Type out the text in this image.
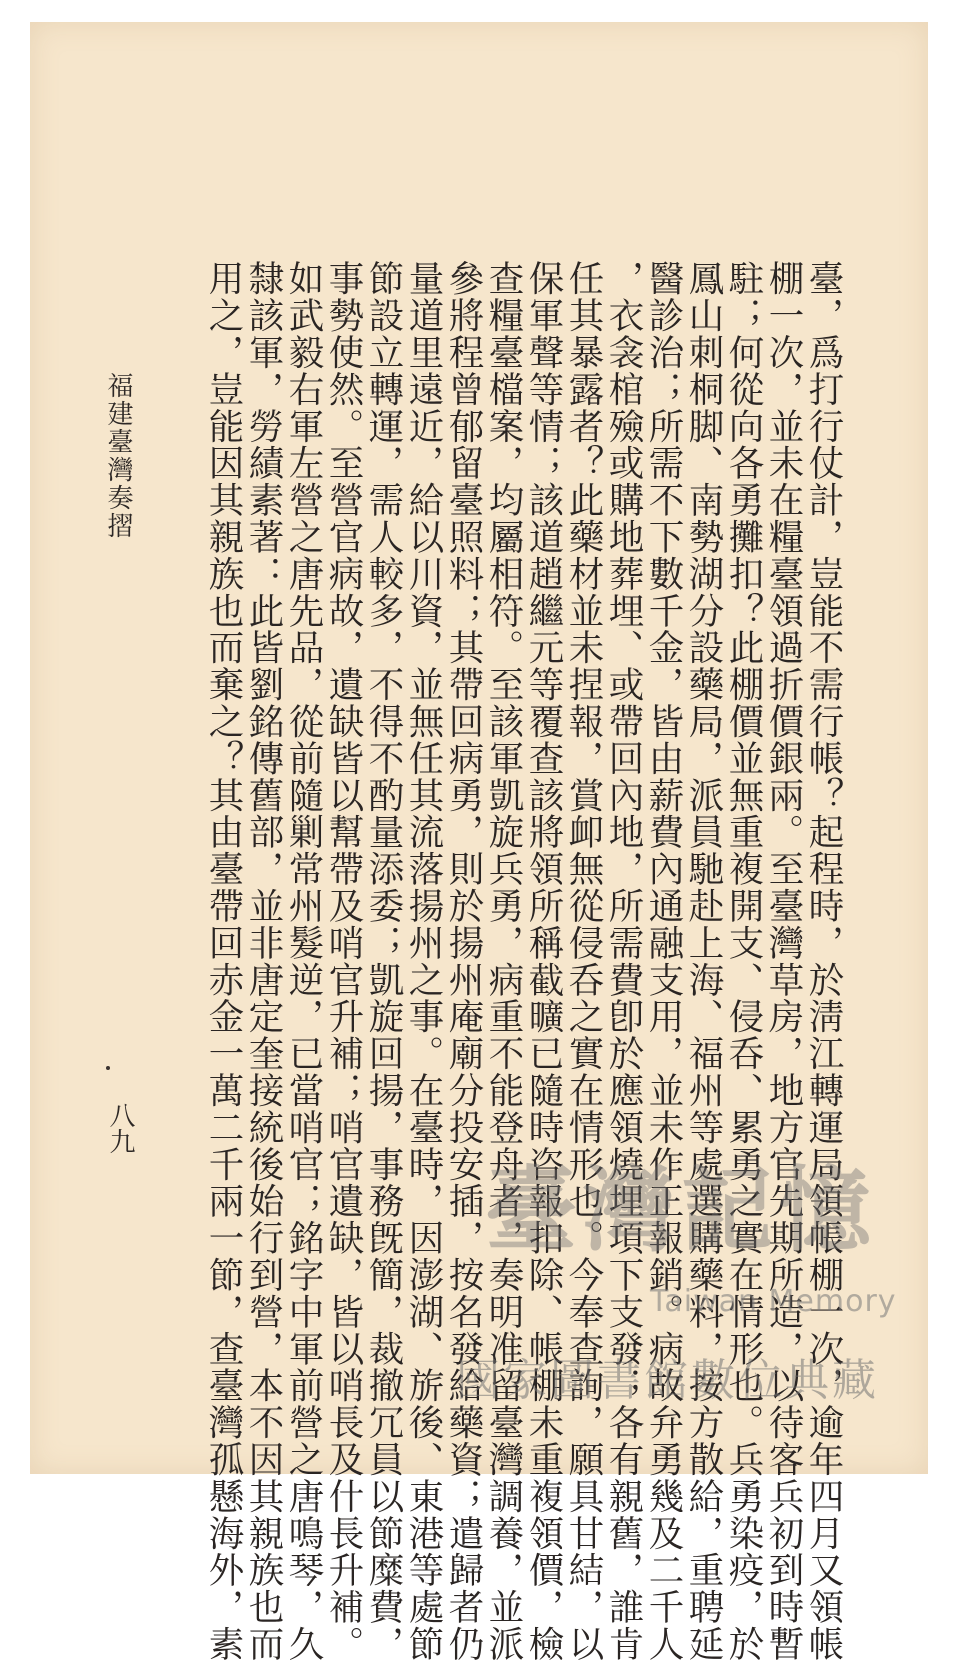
臺，爲打行仗計，豈能不需行帳？起程時，於淸江轉運局領帳棚一次，逾年四月又領帳
棚一次，並未在糧臺領過折價銀兩。至臺灣草房，地方官先期所造，以待客兵初到時暫
駐；何從向各勇攤扣？此棚價並無重複開支、侵呑、累勇之實在情形也。兵勇染疫，於
鳳山刺桐脚、南勢湖分設藥局，派員馳赴上海、福州等處選購藥料，按方散給，重聘延
醫診治；所需不下數千金，皆由薪費內通融支用，並未作正報銷。病故弁勇幾及二千人
，衣衾棺殮或購地葬埋、或帶回內地，所需費卽於應領燒埋項下支發；各有親舊，誰肯
任其暴露者？此藥材並未捏報，賞卹無從侵呑之實在情形也。今奉查詢，願具甘結，以
保軍聲等情；該道趙繼元等覆查該將領所稱截曠已隨時咨報扣除、帳棚未重複領價，檢
查糧臺檔案，均屬相符。至該軍凱旋兵勇，病重不能登舟者，奏明准留臺灣調養，並派
參將程曾郁留臺照料；其帶回病勇，則於揚州庵廟分投安插，按名發給藥資；遣歸者仍
量道里遠近，給以川資，並無任其流落揚州之事。在臺時，因澎湖、旂後、東港等處節
節設立轉運，需人較多，不得不酌量添委；凱旋回揚，事務旣簡，裁撤冗員以節糜費，
事勢使然。至營官病故，遺缺皆以幫帶及哨官升補；哨官遺缺，皆以哨長及什長升補。
如武毅右軍左營之唐先品，從前隨剿常州髮逆，已當哨官；銘字中軍前營之唐鳴琴，久
隸該軍，勞績素著：此皆劉銘傳舊部，並非唐定奎接統後始行到營，本不因其親族也而
用之，豈能因其親族也而棄之？其由臺帶回赤金一萬二千兩一節，查臺灣孤懸海外，素
福建臺灣奏摺
八九
臺灣記憶
Taiwan Memory
國家圖書館數位典藏
